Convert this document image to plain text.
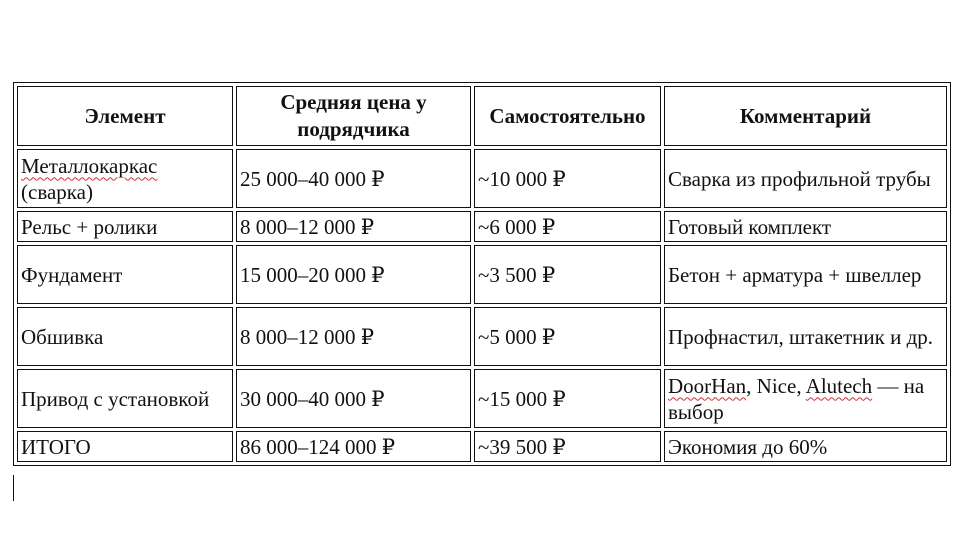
Элемент	Средняя цена у подрядчика	Самостоятельно	Комментарий
Металлокаркас (сварка)	25 000–40 000 ₽	~10 000 ₽	Сварка из профильной трубы
Рельс + ролики	8 000–12 000 ₽	~6 000 ₽	Готовый комплект
Фундамент	15 000–20 000 ₽	~3 500 ₽	Бетон + арматура + швеллер
Обшивка	8 000–12 000 ₽	~5 000 ₽	Профнастил, штакетник и др.
Привод с установкой	30 000–40 000 ₽	~15 000 ₽	DoorHan, Nice, Alutech — на выбор
ИТОГО	86 000–124 000 ₽	~39 500 ₽	Экономия до 60%
